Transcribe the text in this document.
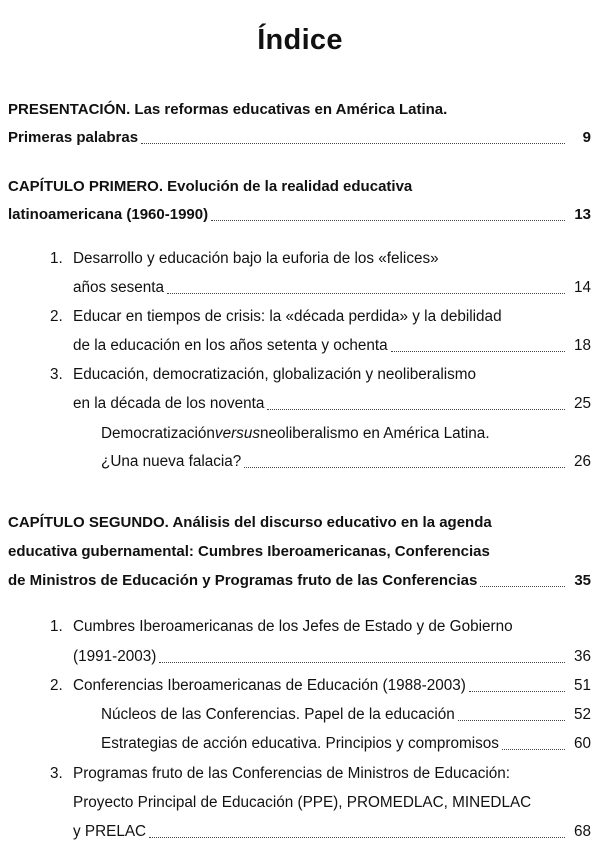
Índice
PRESENTACIÓN. Las reformas educativas en América Latina.
Primeras palabras	9
CAPÍTULO PRIMERO. Evolución de la realidad educativa
latinoamericana (1960-1990)	13
1. Desarrollo y educación bajo la euforia de los «felices»
años sesenta	14
2. Educar en tiempos de crisis: la «década perdida» y la debilidad
de la educación en los años setenta y ochenta	18
3. Educación, democratización, globalización y neoliberalismo
en la década de los noventa	25
Democratización versus neoliberalismo en América Latina.
¿Una nueva falacia?	26
CAPÍTULO SEGUNDO. Análisis del discurso educativo en la agenda
educativa gubernamental: Cumbres Iberoamericanas, Conferencias
de Ministros de Educación y Programas fruto de las Conferencias	35
1. Cumbres Iberoamericanas de los Jefes de Estado y de Gobierno
(1991-2003)	36
2. Conferencias Iberoamericanas de Educación (1988-2003)	51
Núcleos de las Conferencias. Papel de la educación	52
Estrategias de acción educativa. Principios y compromisos	60
3. Programas fruto de las Conferencias de Ministros de Educación:
Proyecto Principal de Educación (PPE), PROMEDLAC, MINEDLAC
y PRELAC	68
